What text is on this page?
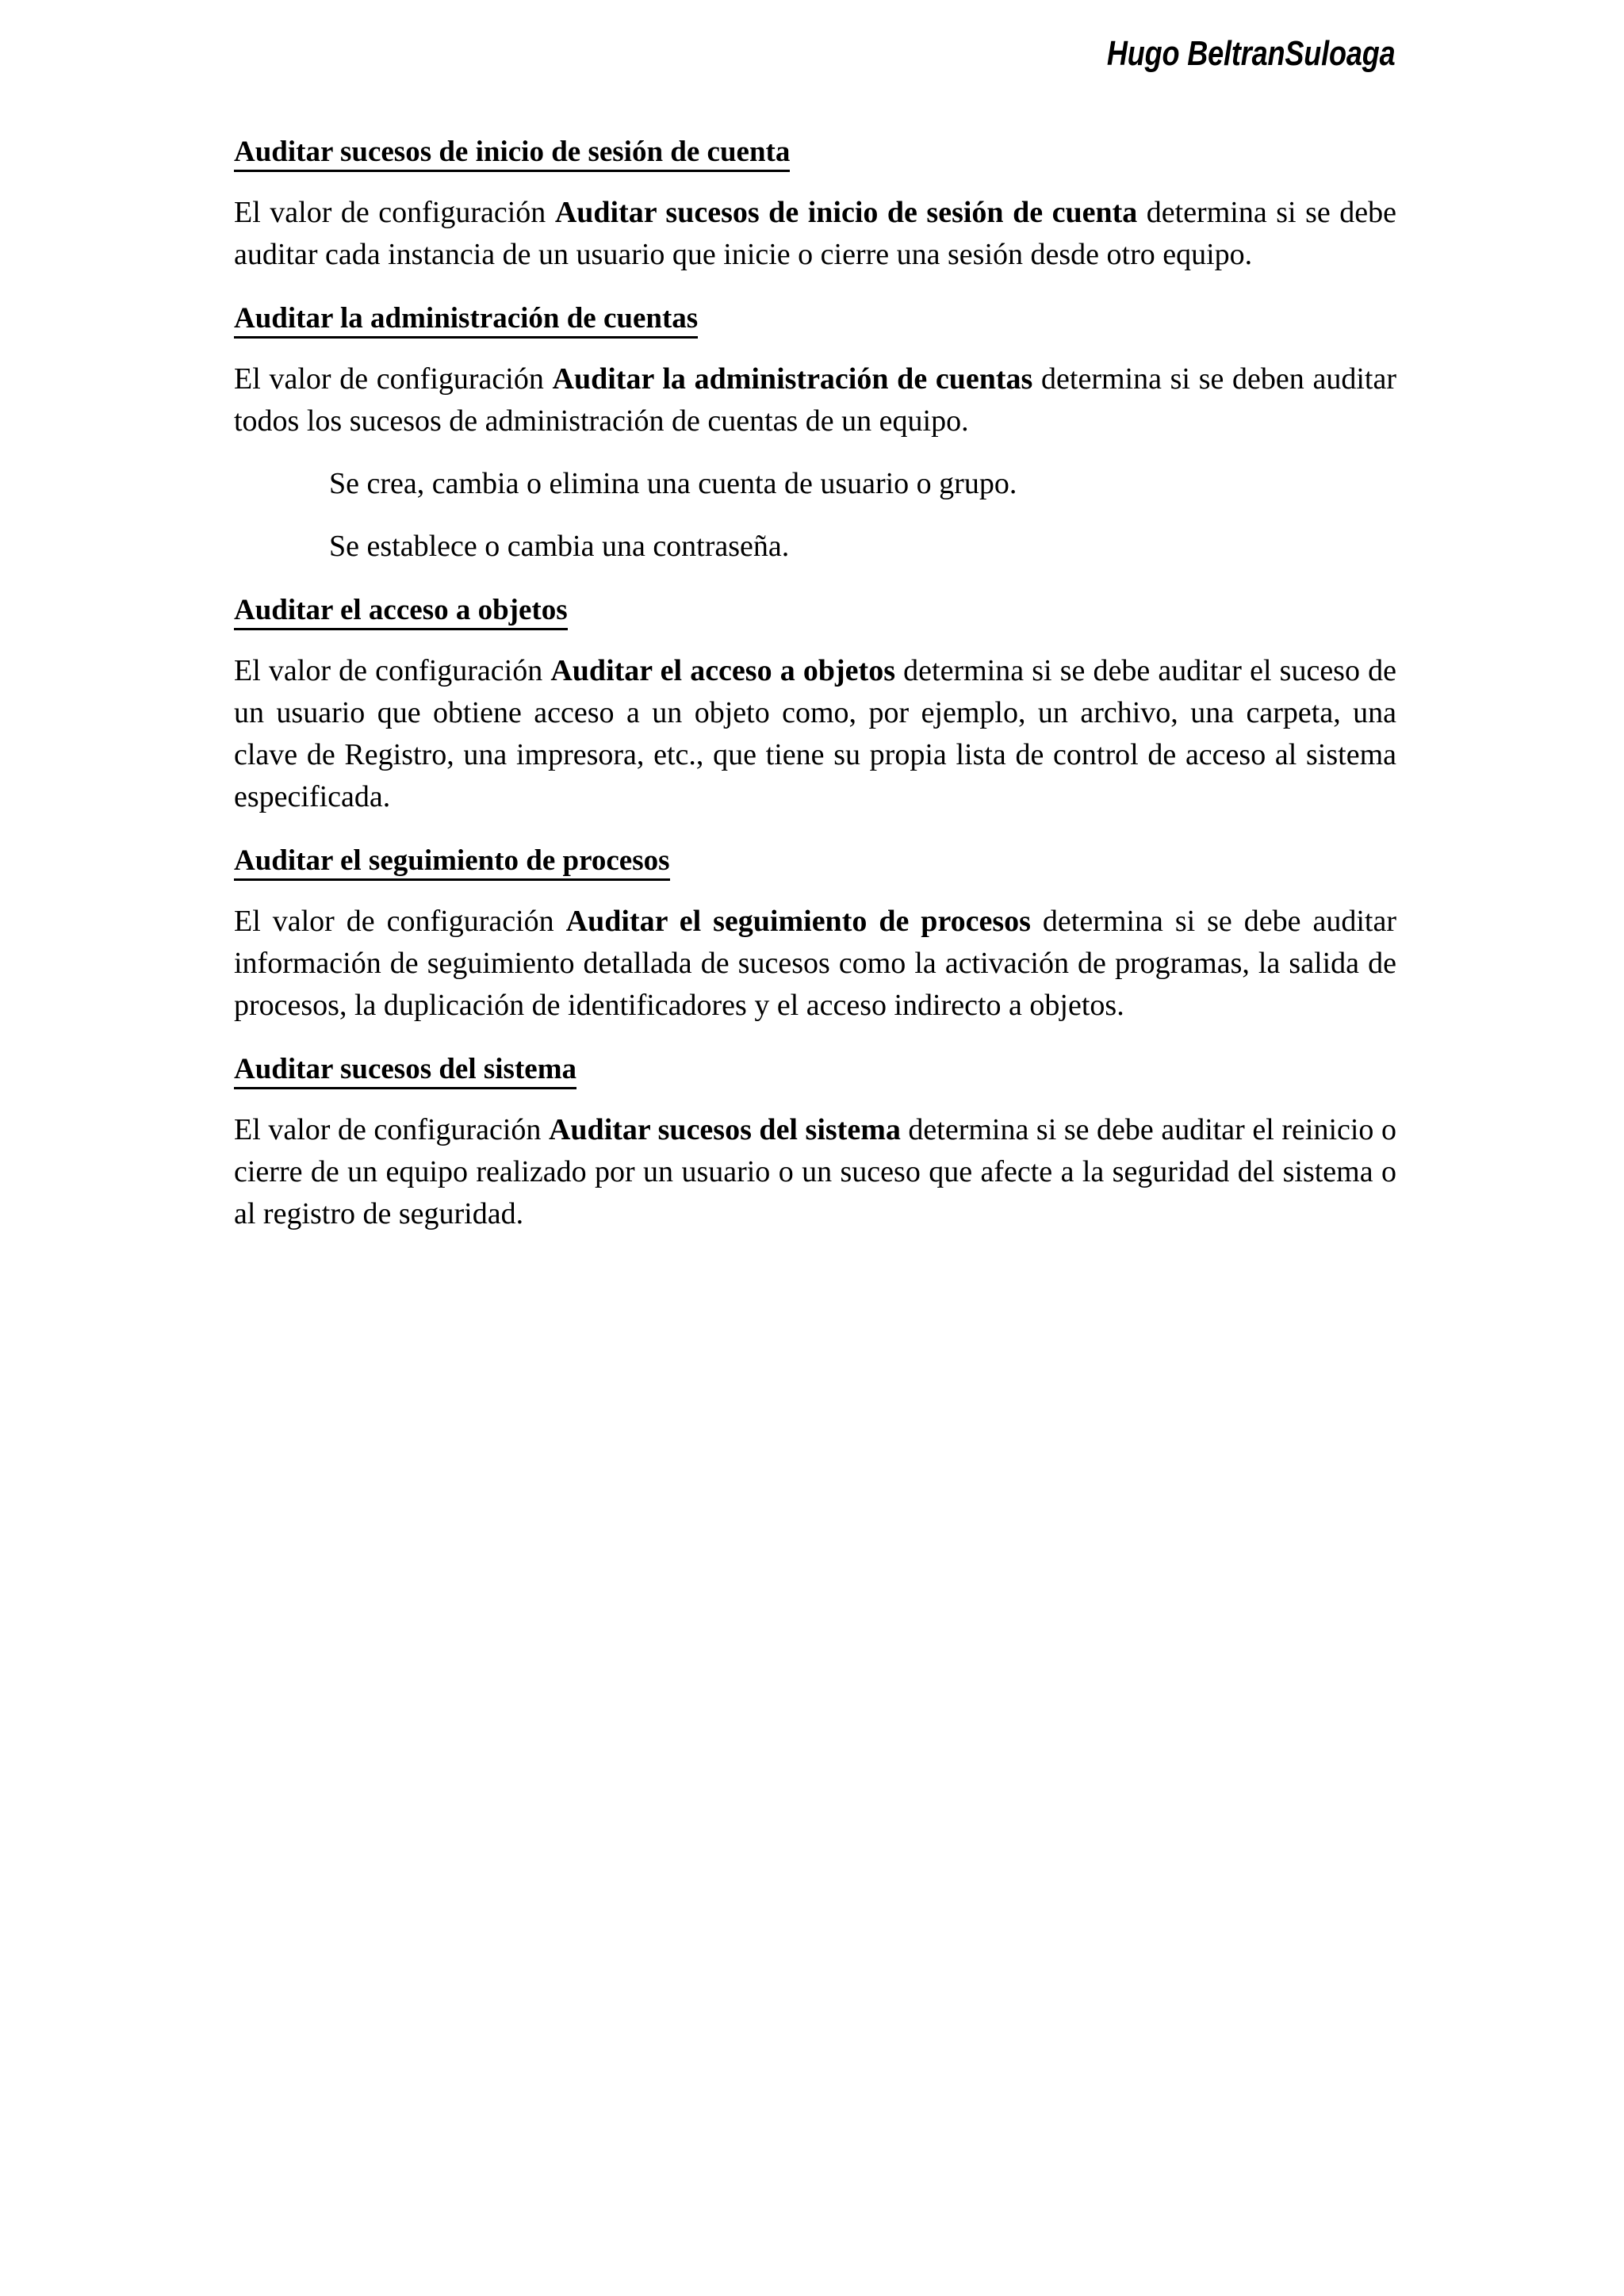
Hugo BeltranSuloaga
Auditar sucesos de inicio de sesión de cuenta

El valor de configuración Auditar sucesos de inicio de sesión de cuenta determina si se debe auditar cada instancia de un usuario que inicie o cierre una sesión desde otro equipo.

Auditar la administración de cuentas

El valor de configuración Auditar la administración de cuentas determina si se deben auditar todos los sucesos de administración de cuentas de un equipo.

Se crea, cambia o elimina una cuenta de usuario o grupo.

Se establece o cambia una contraseña.

Auditar el acceso a objetos

El valor de configuración Auditar el acceso a objetos determina si se debe auditar el suceso de un usuario que obtiene acceso a un objeto como, por ejemplo, un archivo, una carpeta, una clave de Registro, una impresora, etc., que tiene su propia lista de control de acceso al sistema especificada.

Auditar el seguimiento de procesos

El valor de configuración Auditar el seguimiento de procesos determina si se debe auditar información de seguimiento detallada de sucesos como la activación de programas, la salida de procesos, la duplicación de identificadores y el acceso indirecto a objetos.

Auditar sucesos del sistema

El valor de configuración Auditar sucesos del sistema determina si se debe auditar el reinicio o cierre de un equipo realizado por un usuario o un suceso que afecte a la seguridad del sistema o al registro de seguridad.
